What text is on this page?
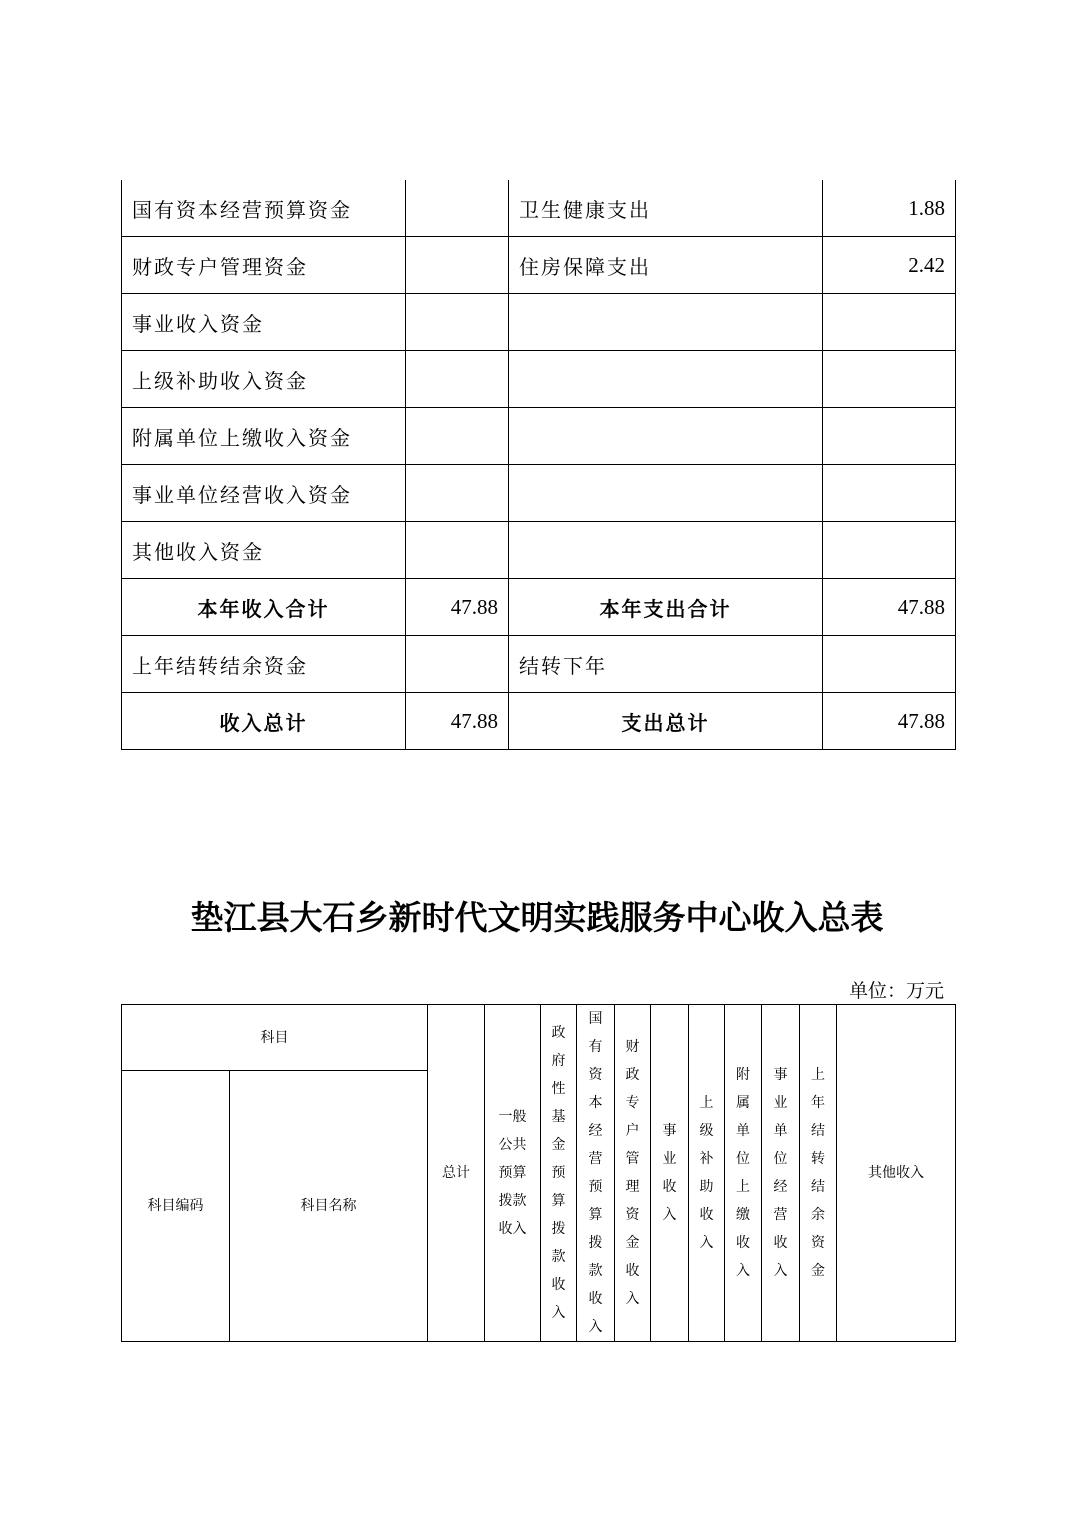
国有资本经营预算资金		卫生健康支出	1.88
财政专户管理资金		住房保障支出	2.42
事业收入资金			
上级补助收入资金			
附属单位上缴收入资金			
事业单位经营收入资金			
其他收入资金			
本年收入合计	47.88	本年支出合计	47.88
上年结转结余资金		结转下年	
收入总计	47.88	支出总计	47.88
垫江县大石乡新时代文明实践服务中心收入总表
单位：万元
科目		总计	一般公共预算拨款收入	政府性基金预算拨款收入	国有资本经营预算拨款收入	财政专户管理资金收入	事业收入	上级补助收入	附属单位上缴收入	事业单位经营收入	上年结转结余资金	其他收入
科目编码	科目名称											
